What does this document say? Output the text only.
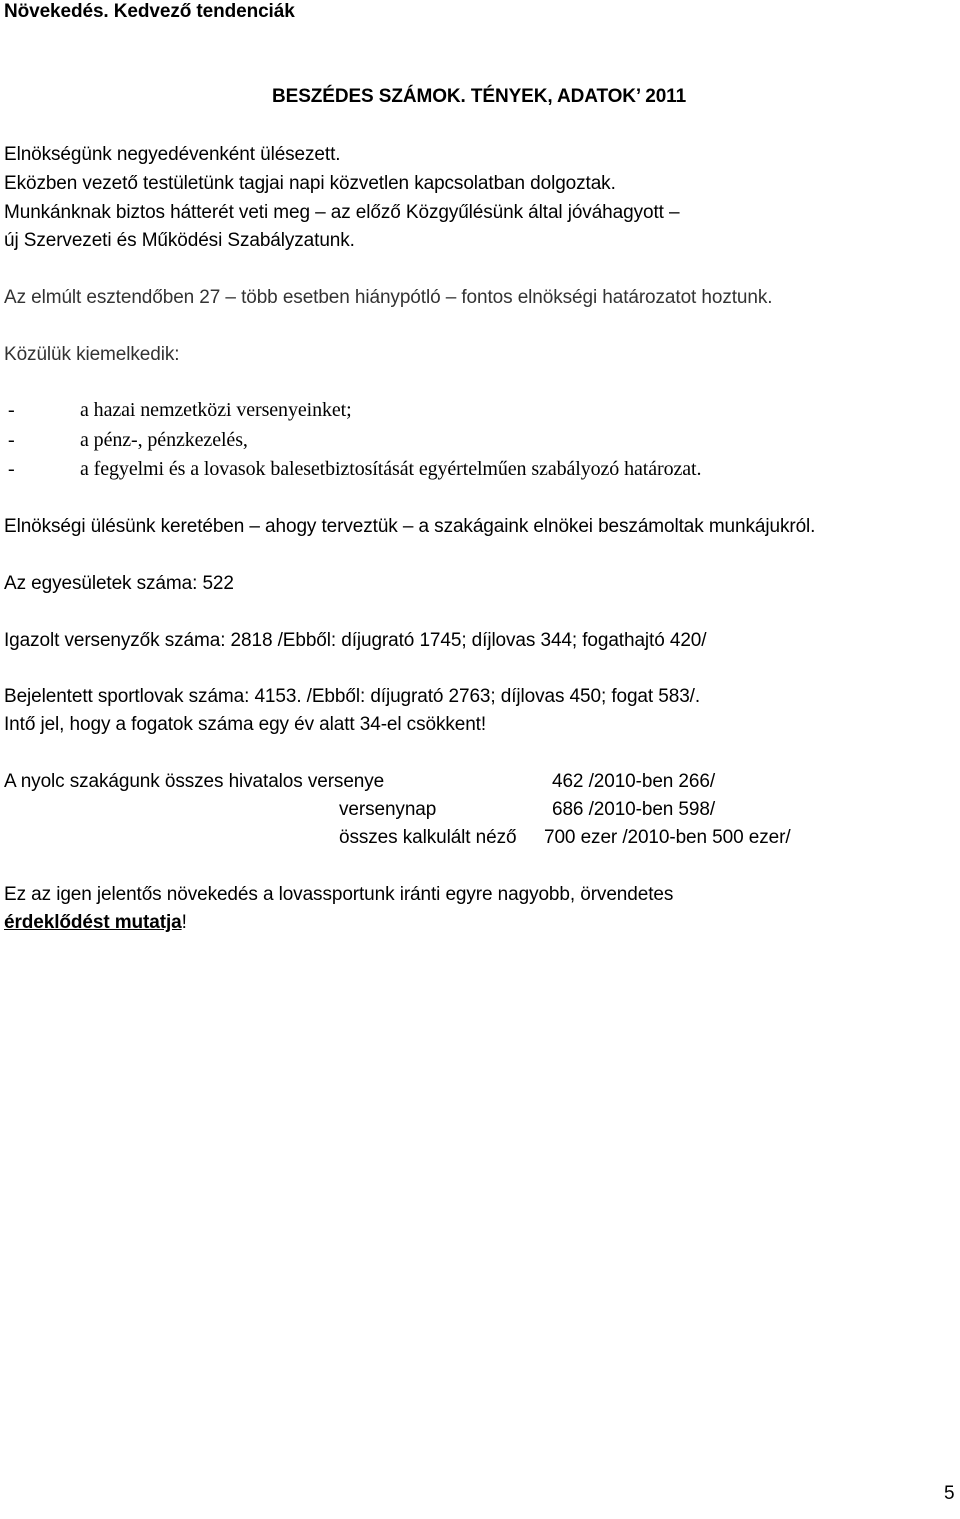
Növekedés. Kedvező tendenciák
BESZÉDES SZÁMOK. TÉNYEK, ADATOK’ 2011
Elnökségünk negyedévenként ülésezett.
Eközben vezető testületünk tagjai napi közvetlen kapcsolatban dolgoztak.
Munkánknak biztos hátterét veti meg – az előző Közgyűlésünk által jóváhagyott –
új Szervezeti és Működési Szabályzatunk.
Az elmúlt esztendőben 27 – több esetben hiánypótló – fontos elnökségi határozatot hoztunk.
Közülük kiemelkedik:
-	a hazai nemzetközi versenyeinket;
-	a pénz-, pénzkezelés,
-	a fegyelmi és a lovasok balesetbiztosítását egyértelműen szabályozó határozat.
Elnökségi ülésünk keretében – ahogy terveztük – a szakágaink elnökei beszámoltak munkájukról.
Az egyesületek száma: 522
Igazolt versenyzők száma: 2818 /Ebből: díjugrató 1745; díjlovas 344; fogathajtó 420/
Bejelentett sportlovak száma: 4153. /Ebből: díjugrató 2763; díjlovas 450; fogat 583/.
Intő jel, hogy a fogatok száma egy év alatt 34-el csökkent!
A nyolc szakágunk összes hivatalos versenye	462 /2010-ben 266/
versenynap	686 /2010-ben 598/
összes kalkulált néző 700 ezer /2010-ben 500 ezer/
Ez az igen jelentős növekedés a lovassportunk iránti egyre nagyobb, örvendetes
érdeklődést mutatja!
5
